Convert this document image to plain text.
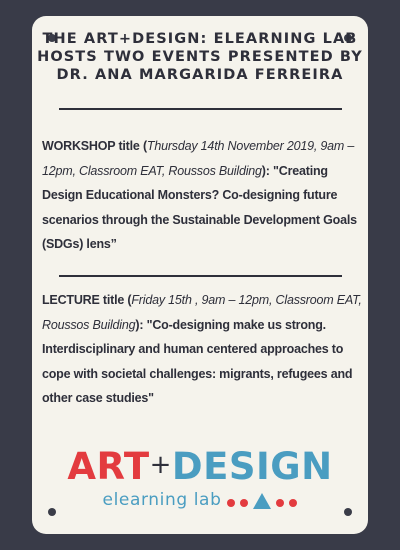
THE ART+DESIGN: ELEARNING LAB HOSTS TWO EVENTS PRESENTED BY DR. ANA MARGARIDA FERREIRA
WORKSHOP title (Thursday 14th November 2019, 9am – 12pm, Classroom EAT, Roussos Building): "Creating Design Educational Monsters? Co-designing future scenarios through the Sustainable Development Goals (SDGs) lens”
LECTURE title (Friday 15th , 9am – 12pm, Classroom EAT, Roussos Building): "Co-designing make us strong. Interdisciplinary and human centered approaches to cope with societal challenges: migrants, refugees and other case studies"
ART+DESIGN
elearning lab
